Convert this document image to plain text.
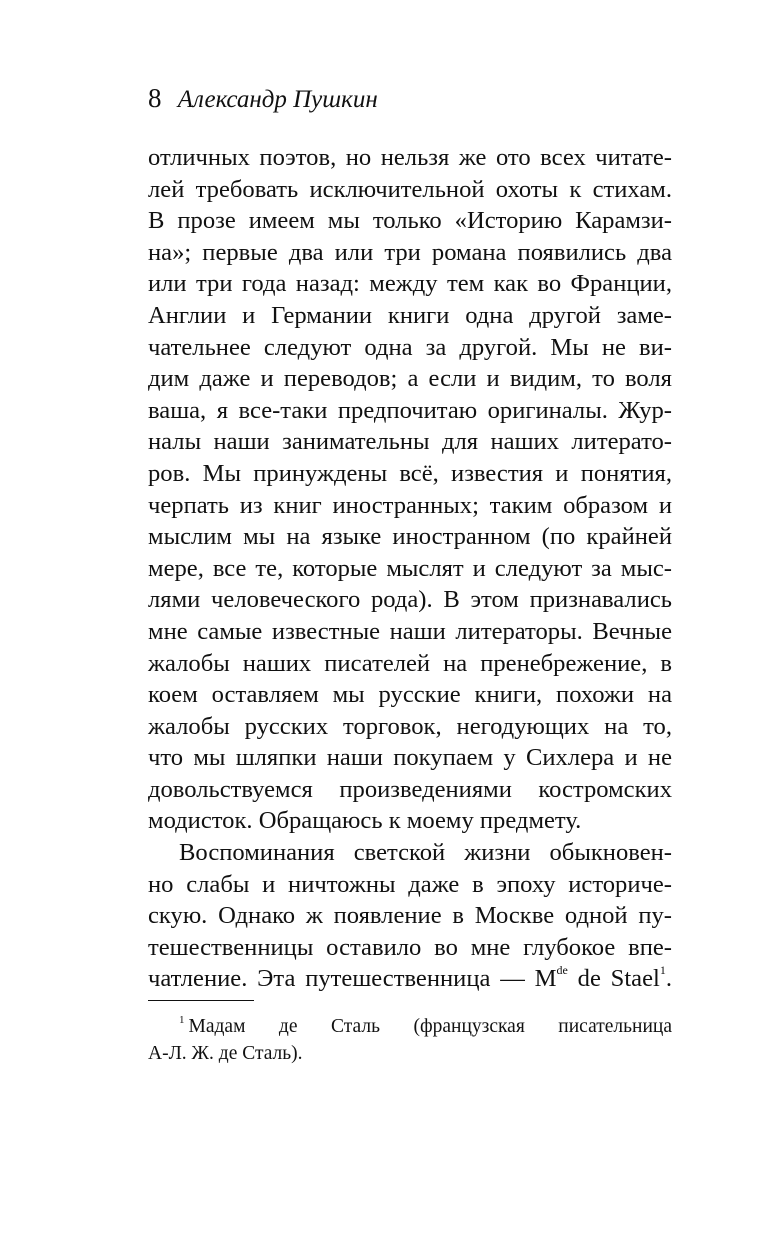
8 Александр Пушкин

отличных поэтов, но нельзя же ото всех читате-
лей требовать исключительной охоты к стихам.
В прозе имеем мы только «Историю Карамзи-
на»; первые два или три романа появились два
или три года назад: между тем как во Франции,
Англии и Германии книги одна другой заме-
чательнее следуют одна за другой. Мы не ви-
дим даже и переводов; а если и видим, то воля
ваша, я все-таки предпочитаю оригиналы. Жур-
налы наши занимательны для наших литерато-
ров. Мы принуждены всё, известия и понятия,
черпать из книг иностранных; таким образом и
мыслим мы на языке иностранном (по крайней
мере, все те, которые мыслят и следуют за мыс-
лями человеческого рода). В этом признавались
мне самые известные наши литераторы. Вечные
жалобы наших писателей на пренебрежение, в
коем оставляем мы русские книги, похожи на
жалобы русских торговок, негодующих на то,
что мы шляпки наши покупаем у Сихлера и не
довольствуемся произведениями костромских
модисток. Обращаюсь к моему предмету.

Воспоминания светской жизни обыкновен-
но слабы и ничтожны даже в эпоху историче-
скую. Однако ж появление в Москве одной пу-
тешественницы оставило во мне глубокое впе-
чатление. Эта путешественница — Mde de Stael$^1$.

$^1$ Мадам де Сталь (французская писательница
А-Л. Ж. де Сталь).
